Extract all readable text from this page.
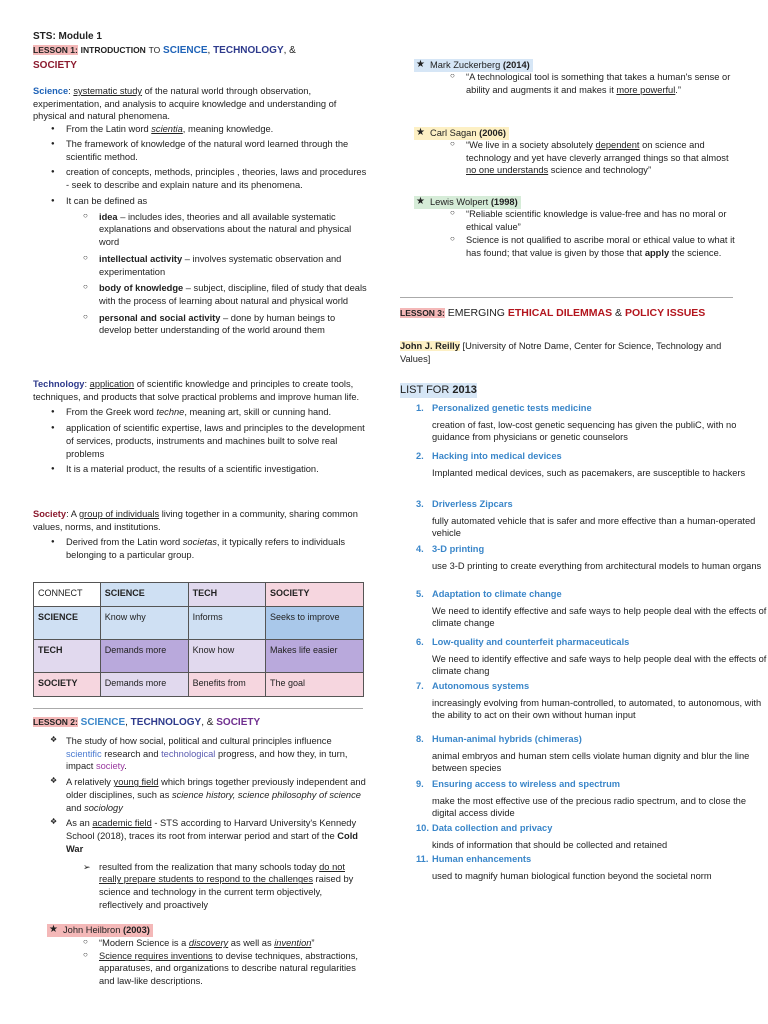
STS: Module 1

LESSON 1: INTRODUCTION TO SCIENCE, TECHNOLOGY, &
SOCIETY

Science: systematic study of the natural world through observation, experimentation, and analysis to acquire knowledge and understanding of physical and natural phenomena.

● From the Latin word scientia, meaning knowledge.
● The framework of knowledge of the natural word learned through the scientific method.
● creation of concepts, methods, principles , theories, laws and procedures - seek to describe and explain nature and its phenomena.
● It can be defined as
○ idea – includes ides, theories and all available systematic explanations and observations about the natural and physical word
○ intellectual activity – involves systematic observation and experimentation
○ body of knowledge – subject, discipline, filed of study that deals with the process of learning about natural and physical world
○ personal and social activity – done by human beings to develop better understanding of the world around them

Technology: application of scientific knowledge and principles to create tools, techniques, and products that solve practical problems and improve human life.

● From the Greek word techne, meaning art, skill or cunning hand.
● application of scientific expertise, laws and principles to the development of services, products, instruments and machines built to solve real problems
● It is a material product, the results of a scientific investigation.

Society: A group of individuals living together in a community, sharing common values, norms, and institutions.

● Derived from the Latin word societas, it typically refers to individuals belonging to a particular group.
CONNECT	SCIENCE	TECH	SOCIETY
SCIENCE	Know why	Informs	Seeks to improve
TECH	Demands more	Know how	Makes life easier
SOCIETY	Demands more	Benefits from	The goal
LESSON 2: SCIENCE, TECHNOLOGY, & SOCIETY
❖ The study of how social, political and cultural principles influence scientific research and technological progress, and how they, in turn, impact society.
❖ A relatively young field which brings together previously independent and older disciplines, such as science history, science philosophy of science and sociology
❖ As an academic field - STS according to Harvard University's Kennedy School (2018), traces its root from interwar period and start of the Cold War
➢ resulted from the realization that many schools today do not really prepare students to respond to the challenges raised by science and technology in the current term objectively, reflectively and proactively
★ John Heilbron (2003)
○ “Modern Science is a discovery as well as invention”
○ Science requires inventions to devise techniques, abstractions, apparatuses, and organizations to describe natural regularities and law-like descriptions.
★ Mark Zuckerberg (2014)
○ “A technological tool is something that takes a human's sense or ability and augments it and makes it more powerful.”
★ Carl Sagan (2006)
○ “We live in a society absolutely dependent on science and technology and yet have cleverly arranged things so that almost no one understands science and technology”
★ Lewis Wolpert (1998)
○ “Reliable scientific knowledge is value-free and has no moral or ethical value”
○ Science is not qualified to ascribe moral or ethical value to what it has found; that value is given by those that apply the science.
LESSON 3: EMERGING ETHICAL DILEMMAS & POLICY ISSUES

John J. Reilly [University of Notre Dame, Center for Science, Technology and Values]

LIST FOR 2013

1. Personalized genetic tests medicine
creation of fast, low-cost genetic sequencing has given the publiC, with no guidance from physicians or genetic counselors
2. Hacking into medical devices
Implanted medical devices, such as pacemakers, are susceptible to hackers
3. Driverless Zipcars
fully automated vehicle that is safer and more effective than a human-operated vehicle
4. 3-D printing
use 3-D printing to create everything from architectural models to human organs
5. Adaptation to climate change
We need to identify effective and safe ways to help people deal with the effects of climate change
6. Low-quality and counterfeit pharmaceuticals
We need to identify effective and safe ways to help people deal with the effects of climate chang
7. Autonomous systems
increasingly evolving from human-controlled, to automated, to autonomous, with the ability to act on their own without human input
8. Human-animal hybrids (chimeras)
animal embryos and human stem cells violate human dignity and blur the line between species
9. Ensuring access to wireless and spectrum
make the most effective use of the precious radio spectrum, and to close the digital access divide
10. Data collection and privacy
kinds of information that should be collected and retained
11. Human enhancements
used to magnify human biological function beyond the societal norm
